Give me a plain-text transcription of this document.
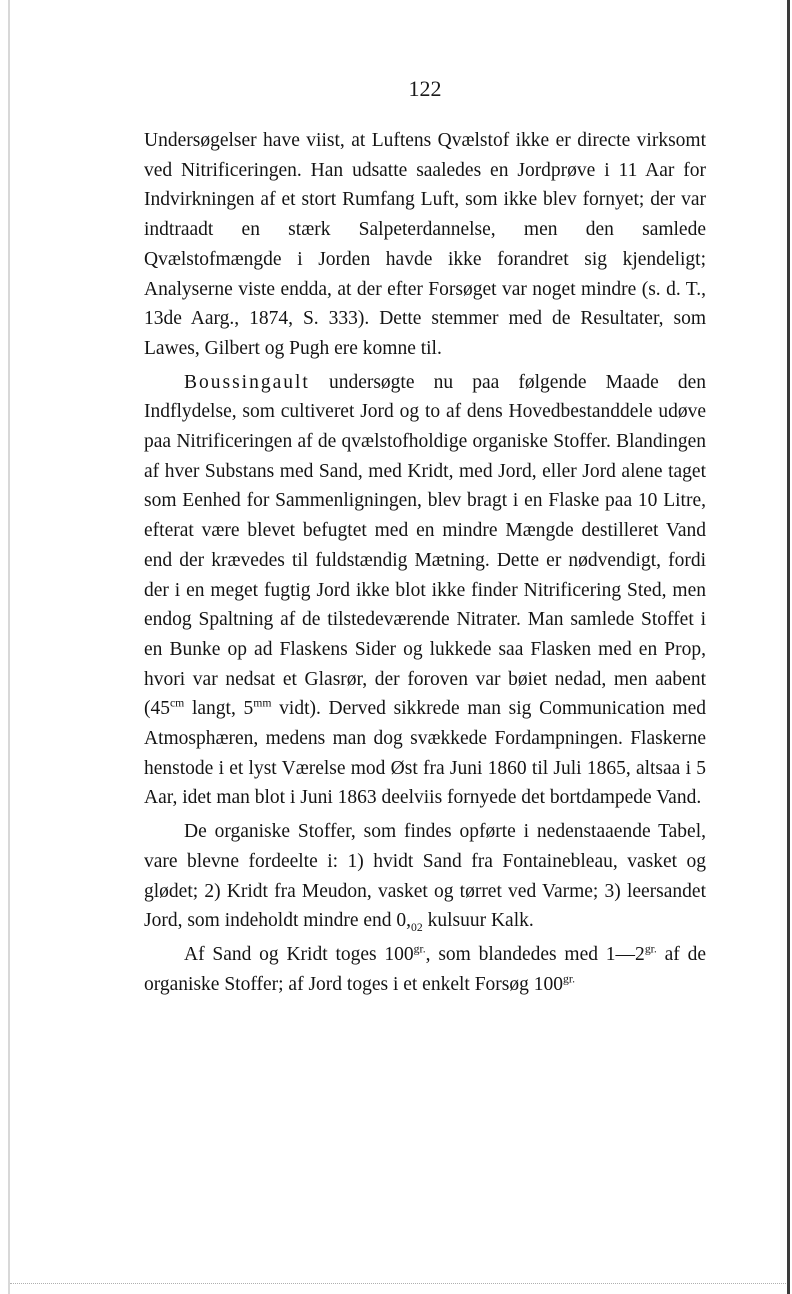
122

Undersøgelser have viist, at Luftens Qvælstof ikke er directe virksomt ved Nitrificeringen. Han udsatte saaledes en Jordprøve i 11 Aar for Indvirkningen af et stort Rumfang Luft, som ikke blev fornyet; der var indtraadt en stærk Salpeterdannelse, men den samlede Qvælstofmængde i Jorden havde ikke forandret sig kjendeligt; Analyserne viste endda, at der efter Forsøget var noget mindre (s. d. T., 13de Aarg., 1874, S. 333). Dette stemmer med de Resultater, som Lawes, Gilbert og Pugh ere komne til.

Boussingault undersøgte nu paa følgende Maade den Indflydelse, som cultiveret Jord og to af dens Hovedbestanddele udøve paa Nitrificeringen af de qvælstofholdige organiske Stoffer. Blandingen af hver Substans med Sand, med Kridt, med Jord, eller Jord alene taget som Eenhed for Sammenligningen, blev bragt i en Flaske paa 10 Litre, efterat være blevet befugtet med en mindre Mængde destilleret Vand end der krævedes til fuldstændig Mætning. Dette er nødvendigt, fordi der i en meget fugtig Jord ikke blot ikke finder Nitrificering Sted, men endog Spaltning af de tilstedeværende Nitrater. Man samlede Stoffet i en Bunke op ad Flaskens Sider og lukkede saa Flasken med en Prop, hvori var nedsat et Glasrør, der foroven var bøiet nedad, men aabent ($45^{cm}$ langt, $5^{mm}$ vidt). Derved sikkrede man sig Communication med Atmosphæren, medens man dog svækkede Fordampningen. Flaskerne henstode i et lyst Værelse mod Øst fra Juni 1860 til Juli 1865, altsaa i 5 Aar, idet man blot i Juni 1863 deelviis fornyede det bortdampede Vand.

De organiske Stoffer, som findes opførte i nedenstaaende Tabel, vare blevne fordeelte i: 1) hvidt Sand fra Fontainebleau, vasket og glødet; 2) Kridt fra Meudon, vasket og tørret ved Varme; 3) leersandet Jord, som indeholdt mindre end $0,_{02}$ kulsuur Kalk.

Af Sand og Kridt toges $100^{gr.}$, som blandedes med $1—2^{gr.}$ af de organiske Stoffer; af Jord toges i et enkelt Forsøg $100^{gr.}$
